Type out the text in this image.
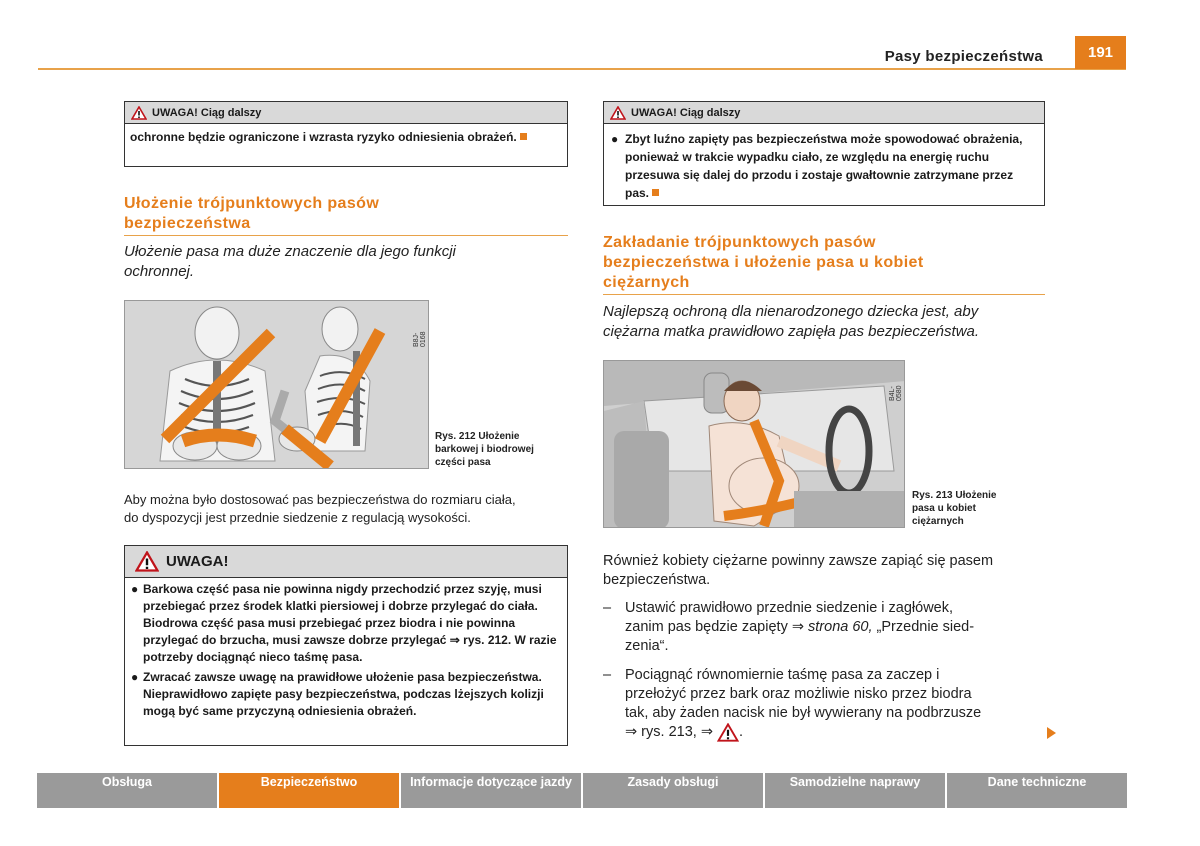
Pasy bezpieczeństwa	191
UWAGA! Ciąg dalszy
ochronne będzie ograniczone i wzrasta ryzyko odniesienia obrażeń.
Ułożenie trójpunktowych pasów
bezpieczeństwa
Ułożenie pasa ma duże znaczenie dla jego funkcji
ochronnej.
B8J-0168
Rys. 212 Ułożenie
barkowej i biodrowej
części pasa
Aby można było dostosować pas bezpieczeństwa do rozmiaru ciała,
do dyspozycji jest przednie siedzenie z regulacją wysokości.
UWAGA!
● Barkowa część pasa nie powinna nigdy przechodzić przez szyję, musi przebiegać przez środek klatki piersiowej i dobrze przylegać do ciała. Biodrowa część pasa musi przebiegać przez biodra i nie powinna przylegać do brzucha, musi zawsze dobrze przylegać ⇒ rys. 212. W razie potrzeby dociągnąć nieco taśmę pasa.
● Zwracać zawsze uwagę na prawidłowe ułożenie pasa bezpieczeństwa. Nieprawidłowo zapięte pasy bezpieczeństwa, podczas lżejszych kolizji mogą być same przyczyną odniesienia obrażeń.
UWAGA! Ciąg dalszy
● Zbyt luźno zapięty pas bezpieczeństwa może spowodować obrażenia, ponieważ w trakcie wypadku ciało, ze względu na energię ruchu przesuwa się dalej do przodu i zostaje gwałtownie zatrzymane przez pas.
Zakładanie trójpunktowych pasów
bezpieczeństwa i ułożenie pasa u kobiet
ciężarnych
Najlepszą ochroną dla nienarodzonego dziecka jest, aby
ciężarna matka prawidłowo zapięła pas bezpieczeństwa.
B4L-0580
Rys. 213 Ułożenie
pasa u kobiet
ciężarnych
Również kobiety ciężarne powinny zawsze zapiąć się pasem
bezpieczeństwa.
– Ustawić prawidłowo przednie siedzenie i zagłówek,
zanim pas będzie zapięty ⇒ strona 60, „Przednie sied-
zenia“.
– Pociągnąć równomiernie taśmę pasa za zaczep i
przełożyć przez bark oraz możliwie nisko przez biodra
tak, aby żaden nacisk nie był wywierany na podbrzusze
⇒ rys. 213, ⇒ .
Obsługa	Bezpieczeństwo	Informacje dotyczące jazdy	Zasady obsługi	Samodzielne naprawy	Dane techniczne
